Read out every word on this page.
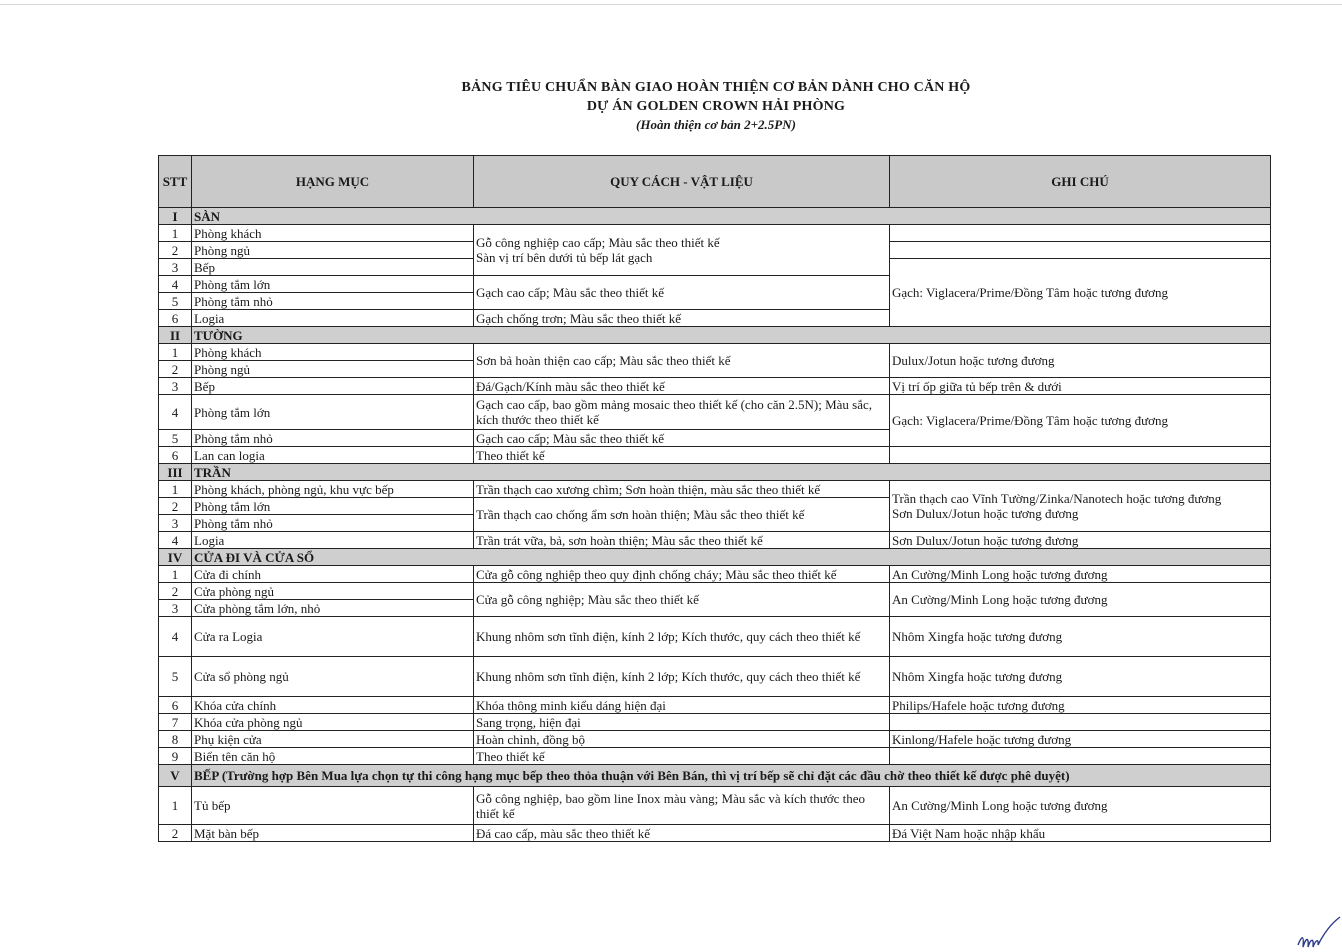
BẢNG TIÊU CHUẨN BÀN GIAO HOÀN THIỆN CƠ BẢN DÀNH CHO CĂN HỘ
DỰ ÁN GOLDEN CROWN HẢI PHÒNG
(Hoàn thiện cơ bản 2+2.5PN)
STT	HẠNG MỤC	QUY CÁCH - VẬT LIỆU	GHI CHÚ
I	SÀN		
1	Phòng khách	Gỗ công nghiệp cao cấp; Màu sắc theo thiết kế
Sàn vị trí bên dưới tủ bếp lát gạch	
2	Phòng ngủ		
3	Bếp		Gạch: Viglacera/Prime/Đồng Tâm hoặc tương đương
4	Phòng tắm lớn	Gạch cao cấp; Màu sắc theo thiết kế	
5	Phòng tắm nhỏ		
6	Logia	Gạch chống trơn; Màu sắc theo thiết kế	
II	TƯỜNG		
1	Phòng khách	Sơn bả hoàn thiện cao cấp; Màu sắc theo thiết kế	Dulux/Jotun hoặc tương đương
2	Phòng ngủ		
3	Bếp	Đá/Gạch/Kính màu sắc theo thiết kế	Vị trí ốp giữa tủ bếp trên & dưới
4	Phòng tắm lớn	Gạch cao cấp, bao gồm mảng mosaic theo thiết kế (cho căn 2.5N); Màu sắc, kích thước theo thiết kế	Gạch: Viglacera/Prime/Đồng Tâm hoặc tương đương
5	Phòng tắm nhỏ	Gạch cao cấp; Màu sắc theo thiết kế	
6	Lan can logia	Theo thiết kế	
III	TRẦN		
1	Phòng khách, phòng ngủ, khu vực bếp	Trần thạch cao xương chìm; Sơn hoàn thiện, màu sắc theo thiết kế	Trần thạch cao Vĩnh Tường/Zinka/Nanotech hoặc tương đương
Sơn Dulux/Jotun hoặc tương đương
2	Phòng tắm lớn	Trần thạch cao chống ẩm sơn hoàn thiện; Màu sắc theo thiết kế	
3	Phòng tắm nhỏ		
4	Logia	Trần trát vữa, bả, sơn hoàn thiện; Màu sắc theo thiết kế	Sơn Dulux/Jotun hoặc tương đương
IV	CỬA ĐI VÀ CỬA SỔ		
1	Cửa đi chính	Cửa gỗ công nghiệp theo quy định chống cháy; Màu sắc theo thiết kế	An Cường/Minh Long hoặc tương đương
2	Cửa phòng ngủ	Cửa gỗ công nghiệp; Màu sắc theo thiết kế	An Cường/Minh Long hoặc tương đương
3	Cửa phòng tắm lớn, nhỏ		
4	Cửa ra Logia	Khung nhôm sơn tĩnh điện, kính 2 lớp; Kích thước, quy cách theo thiết kế	Nhôm Xingfa hoặc tương đương
5	Cửa sổ phòng ngủ	Khung nhôm sơn tĩnh điện, kính 2 lớp; Kích thước, quy cách theo thiết kế	Nhôm Xingfa hoặc tương đương
6	Khóa cửa chính	Khóa thông minh kiểu dáng hiện đại	Philips/Hafele hoặc tương đương
7	Khóa cửa phòng ngủ	Sang trọng, hiện đại	
8	Phụ kiện cửa	Hoàn chỉnh, đồng bộ	Kinlong/Hafele hoặc tương đương
9	Biển tên căn hộ	Theo thiết kế	
V	BẾP (Trường hợp Bên Mua lựa chọn tự thi công hạng mục bếp theo thỏa thuận với Bên Bán, thì vị trí bếp sẽ chỉ đặt các đầu chờ theo thiết kế được phê duyệt)		
1	Tủ bếp	Gỗ công nghiệp, bao gồm line Inox màu vàng; Màu sắc và kích thước theo thiết kế	An Cường/Minh Long hoặc tương đương
2	Mặt bàn bếp	Đá cao cấp, màu sắc theo thiết kế	Đá Việt Nam hoặc nhập khẩu
